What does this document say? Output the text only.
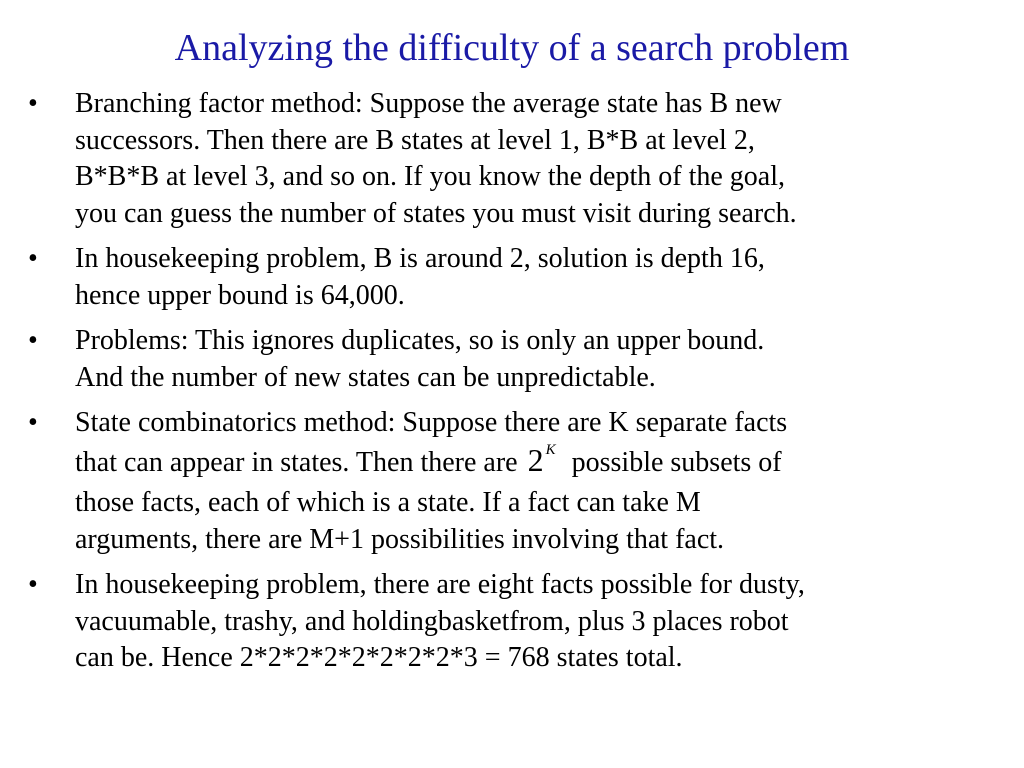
Analyzing the difficulty of a search problem
• Branching factor method: Suppose the average state has B new
successors. Then there are B states at level 1, B*B at level 2,
B*B*B at level 3, and so on. If you know the depth of the goal,
you can guess the number of states you must visit during search.
• In housekeeping problem, B is around 2, solution is depth 16,
hence upper bound is 64,000.
• Problems: This ignores duplicates, so is only an upper bound.
And the number of new states can be unpredictable.
• State combinatorics method: Suppose there are K separate facts
that can appear in states. Then there are 2 $^K$ possible subsets of
those facts, each of which is a state. If a fact can take M
arguments, there are M+1 possibilities involving that fact.
• In housekeeping problem, there are eight facts possible for dusty,
vacuumable, trashy, and holdingbasketfrom, plus 3 places robot
can be. Hence 2*2*2*2*2*2*2*2*3 = 768 states total.
